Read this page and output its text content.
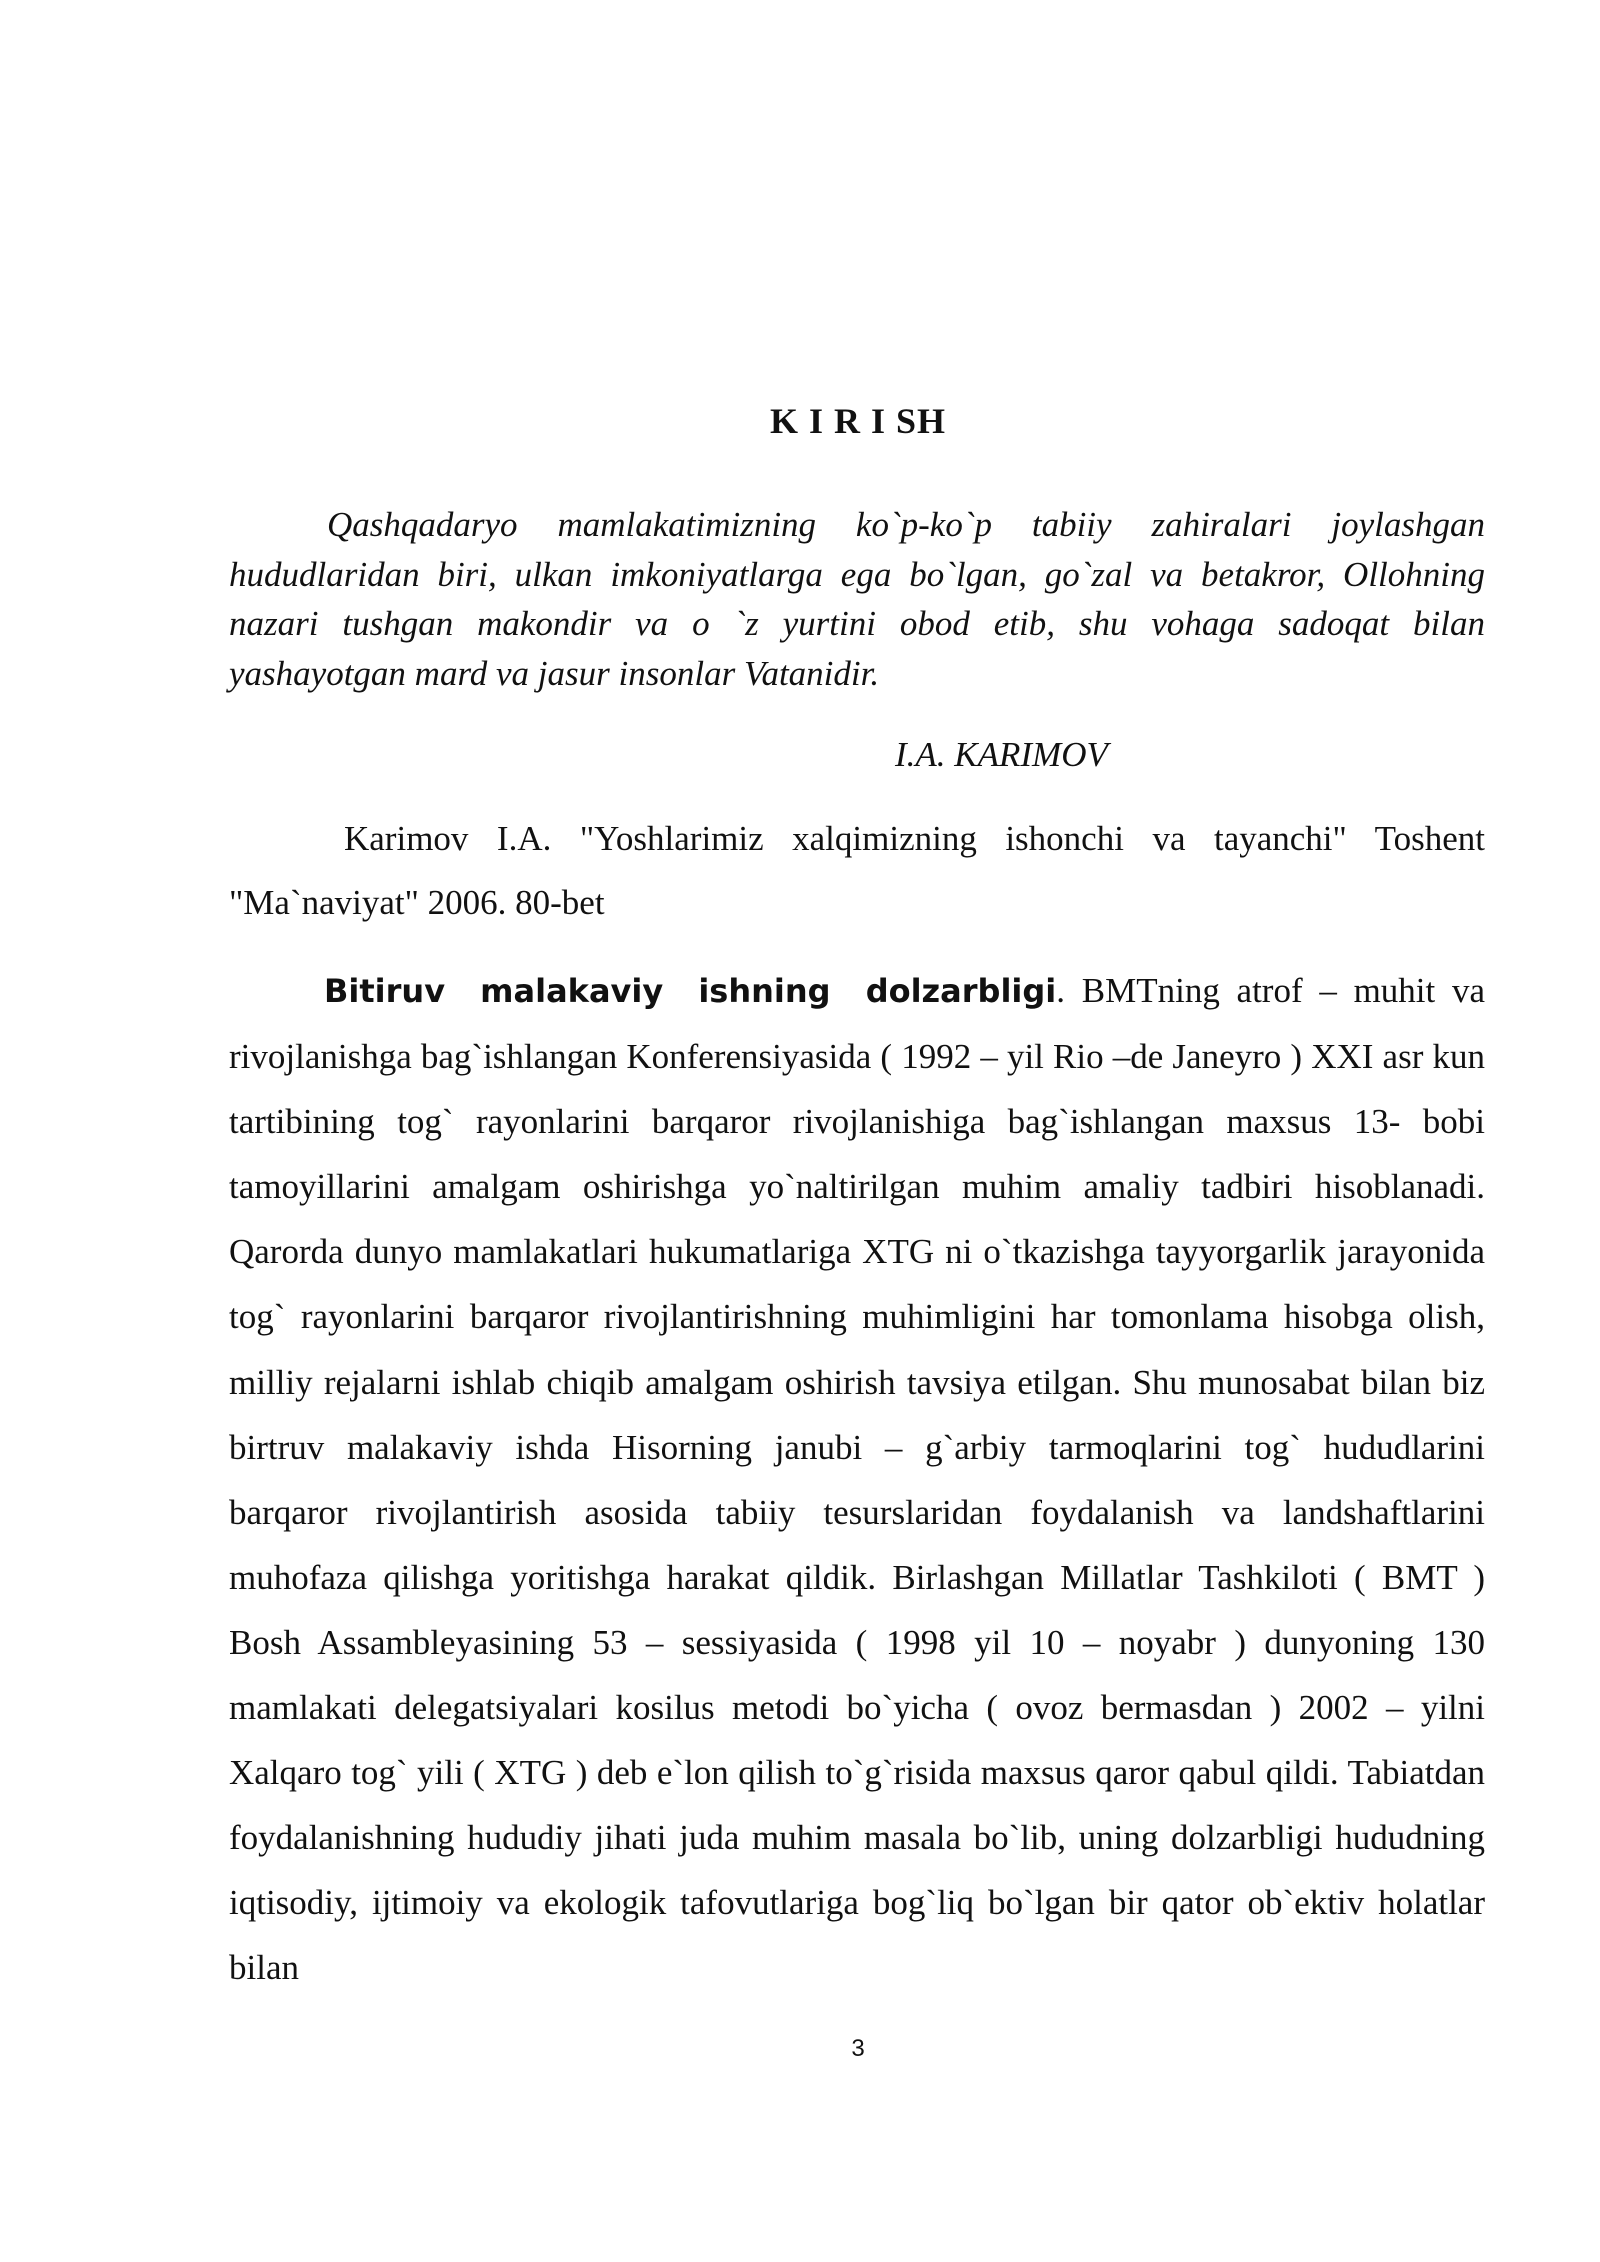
K I R I SH

Qashqadaryo mamlakatimizning ko`p-ko`p tabiiy zahiralari joylashgan hududlaridan biri, ulkan imkoniyatlarga ega bo`lgan, go`zal va betakror, Ollohning nazari tushgan makondir va o `z yurtini obod etib, shu vohaga sadoqat bilan yashayotgan mard va jasur insonlar Vatanidir.

I.A. KARIMOV

Karimov I.A. "Yoshlarimiz xalqimizning ishonchi va tayanchi" Toshent "Ma`naviyat" 2006. 80-bet

Bitiruv malakaviy ishning dolzarbligi. BMTning atrof – muhit va rivojlanishga bag`ishlangan Konferensiyasida ( 1992 – yil Rio –de Janeyro ) XXI asr kun tartibining tog` rayonlarini barqaror rivojlanishiga bag`ishlangan maxsus 13- bobi tamoyillarini amalgam oshirishga yo`naltirilgan muhim amaliy tadbiri hisoblanadi. Qarorda dunyo mamlakatlari hukumatlariga XTG ni o`tkazishga tayyorgarlik jarayonida tog` rayonlarini barqaror rivojlantirishning muhimligini har tomonlama hisobga olish, milliy rejalarni ishlab chiqib amalgam oshirish tavsiya etilgan. Shu munosabat bilan biz birtruv malakaviy ishda Hisorning janubi – g`arbiy tarmoqlarini tog` hududlarini barqaror rivojlantirish asosida tabiiy tesurslaridan foydalanish va landshaftlarini muhofaza qilishga yoritishga harakat qildik. Birlashgan Millatlar Tashkiloti ( BMT ) Bosh Assambleyasining 53 – sessiyasida ( 1998 yil 10 – noyabr ) dunyoning 130 mamlakati delegatsiyalari kosilus metodi bo`yicha ( ovoz bermasdan ) 2002 – yilni Xalqaro tog` yili ( XTG ) deb e`lon qilish to`g`risida maxsus qaror qabul qildi. Tabiatdan foydalanishning hududiy jihati juda muhim masala bo`lib, uning dolzarbligi hududning iqtisodiy, ijtimoiy va ekologik tafovutlariga bog`liq bo`lgan bir qator ob`ektiv holatlar bilan

3
